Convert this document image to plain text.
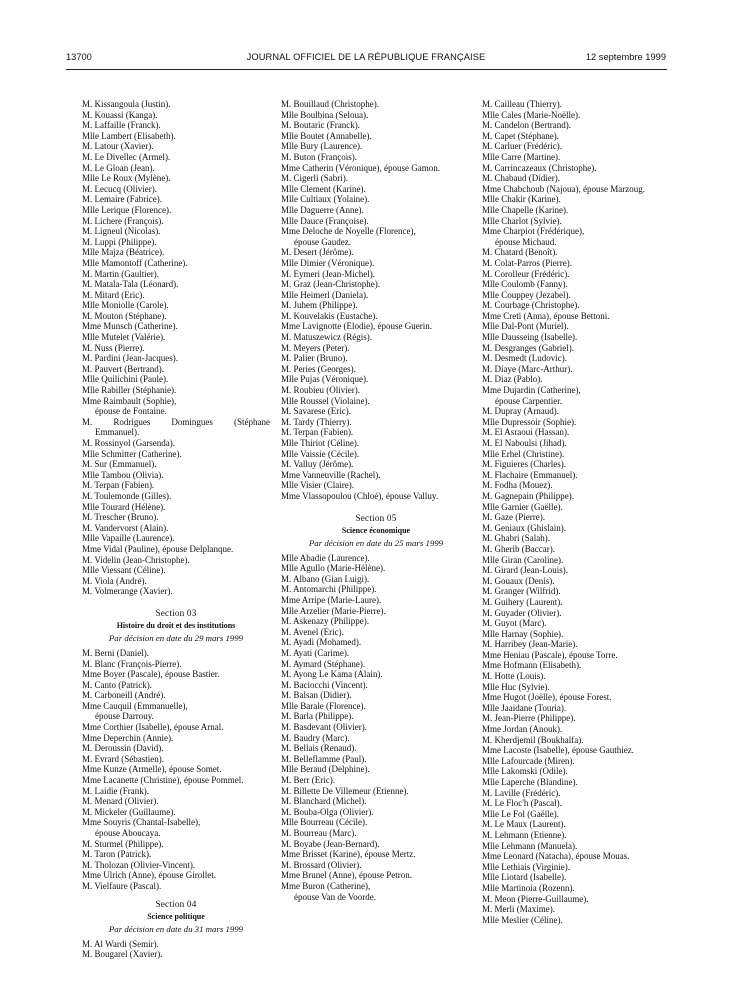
13700	JOURNAL OFFICIEL DE LA RÉPUBLIQUE FRANÇAISE	12 septembre 1999
M. Kissangoula (Justin).
M. Kouassi (Kanga).
M. Laffaille (Franck).
Mlle Lambert (Elisabeth).
M. Latour (Xavier).
M. Le Divellec (Armel).
M. Le Gloan (Jean).
Mlle Le Roux (Mylène).
M. Lecucq (Olivier).
M. Lemaire (Fabrice).
Mlle Lerique (Florence).
M. Lichere (François).
M. Ligneul (Nicolas).
M. Luppi (Philippe).
Mlle Majza (Béatrice).
Mlle Mamontoff (Catherine).
M. Martin (Gaultier).
M. Matala-Tala (Léonard).
M. Mitard (Eric).
Mlle Moniolle (Carole).
M. Mouton (Stéphane).
Mme Munsch (Catherine).
Mlle Mutelet (Valérie).
M. Nuss (Pierre).
M. Pardini (Jean-Jacques).
M. Pauvert (Bertrand).
Mlle Quilichini (Paule).
Mlle Rabiller (Stéphanie).
Mme Raimbault (Sophie),
épouse de Fontaine.
M. Rodrigues Domingues (Stéphane
Emmanuel).
M. Rossinyol (Garsenda).
Mlle Schmitter (Catherine).
M. Sur (Emmanuel).
Mlle Tambou (Olivia).
M. Terpan (Fabien).
M. Toulemonde (Gilles).
Mlle Tourard (Hélène).
M. Trescher (Bruno).
M. Vandervorst (Alain).
Mlle Vapaille (Laurence).
Mme Vidal (Pauline), épouse Delplanque.
M. Videlin (Jean-Christophe).
Mlle Viessant (Céline).
M. Viola (André).
M. Volmerange (Xavier).
Section 03
Histoire du droit et des institutions
Par décision en date du 29 mars 1999
M. Berni (Daniel).
M. Blanc (François-Pierre).
Mme Boyer (Pascale), épouse Bastier.
M. Canto (Patrick).
M. Carboneill (André).
Mme Cauquil (Emmanuelle),
épouse Darrouy.
Mme Corthier (Isabelle), épouse Arnal.
Mme Deperchin (Annie).
M. Deroussin (David).
M. Evrard (Sébastien).
Mme Kunze (Armelle), épouse Somet.
Mme Lacanette (Christine), épouse Pommel.
M. Laidie (Frank).
M. Menard (Olivier).
M. Mickeler (Guillaume).
Mme Souyris (Chantal-Isabelle),
épouse Aboucaya.
M. Sturmel (Philippe).
M. Taron (Patrick).
M. Tholozan (Olivier-Vincent).
Mme Ulrich (Anne), épouse Girollet.
M. Vielfaure (Pascal).
Section 04
Science politique
Par décision en date du 31 mars 1999
M. Al Wardi (Semir).
M. Bougarel (Xavier).
M. Bouillaud (Christophe).
Mlle Boulbina (Seloua).
M. Boutaric (Franck).
Mlle Boutet (Annabelle).
Mlle Bury (Laurence).
M. Buton (François).
Mme Catherin (Véronique), épouse Gamon.
M. Cigerli (Sabri).
Mlle Clement (Karine).
Mlle Cultiaux (Yolaine).
Mlle Daguerre (Anne).
Mlle Dauce (Françoise).
Mme Deloche de Noyelle (Florence),
épouse Gaudez.
M. Desert (Jérôme).
Mlle Dimier (Véronique).
M. Eymeri (Jean-Michel).
M. Graz (Jean-Christophe).
Mlle Heimerl (Daniela).
M. Juhem (Philippe).
M. Kouvelakis (Eustache).
Mme Lavignotte (Elodie), épouse Guerin.
M. Matuszewicz (Régis).
M. Meyers (Peter).
M. Palier (Bruno).
M. Peries (Georges).
Mlle Pujas (Véronique).
M. Roubieu (Olivier).
Mlle Roussel (Violaine).
M. Savarese (Eric).
M. Tardy (Thierry).
M. Terpan (Fabien).
Mlle Thiriot (Céline).
Mlle Vaissie (Cécile).
M. Valluy (Jérôme).
Mme Vanneuville (Rachel).
Mlle Visier (Claire).
Mme Vlassopoulou (Chloé), épouse Valluy.
Section 05
Science économique
Par décision en date du 25 mars 1999
Mlle Abadie (Laurence).
Mlle Agullo (Marie-Hélène).
M. Albano (Gian Luigi).
M. Antomarchi (Philippe).
Mme Arripe (Marie-Laure).
Mlle Arzelier (Marie-Pierre).
M. Askenazy (Philippe).
M. Avenel (Eric).
M. Ayadi (Mohamed).
M. Ayati (Carime).
M. Aymard (Stéphane).
M. Ayong Le Kama (Alain).
M. Baciocchi (Vincent).
M. Balsan (Didier).
Mlle Barale (Florence).
M. Barla (Philippe).
M. Basdevant (Olivier).
M. Baudry (Marc).
M. Bellais (Renaud).
M. Belleflamme (Paul).
Mlle Beraud (Delphine).
M. Berr (Eric).
M. Billette De Villemeur (Etienne).
M. Blanchard (Michel).
M. Bouba-Olga (Olivier).
Mlle Bourreau (Cécile).
M. Bourreau (Marc).
M. Boyabe (Jean-Bernard).
Mme Brisset (Karine), épouse Mertz.
M. Brossard (Olivier).
Mme Brunel (Anne), épouse Petron.
Mme Buron (Catherine),
épouse Van de Voorde.
M. Cailleau (Thierry).
Mlle Cales (Marie-Noëlle).
M. Candelon (Bertrand).
M. Capet (Stéphane).
M. Carluer (Frédéric).
Mlle Carre (Martine).
M. Carrincazeaux (Christophe).
M. Chabaud (Didier).
Mme Chabchoub (Najoua), épouse Marzoug.
Mlle Chakir (Karine).
Mlle Chapelle (Karine).
Mlle Charlot (Sylvie).
Mme Charpiot (Frédérique),
épouse Michaud.
M. Chatard (Benoît).
M. Colat-Parros (Pierre).
M. Corolleur (Frédéric).
Mlle Coulomb (Fanny).
Mlle Couppey (Jezabel).
M. Courbage (Christophe).
Mme Creti (Anna), épouse Bettoni.
Mlle Dal-Pont (Muriel).
Mlle Dausseing (Isabelle).
M. Desgranges (Gabriel).
M. Desmedt (Ludovic).
M. Diaye (Marc-Arthur).
M. Diaz (Pablo).
Mme Dujardin (Catherine),
épouse Carpentier.
M. Dupray (Arnaud).
Mlle Dupressoir (Sophie).
M. El Asraoui (Hassan).
M. El Naboulsi (Jihad).
Mlle Erhel (Christine).
M. Figuieres (Charles).
M. Flachaire (Emmanuel).
M. Fodha (Mouez).
M. Gagnepain (Philippe).
Mlle Garnier (Gaëlle).
M. Gaze (Pierre).
M. Geniaux (Ghislain).
M. Ghabri (Salah).
M. Gherib (Baccar).
Mlle Giran (Caroline).
M. Girard (Jean-Louis).
M. Gouaux (Denis).
M. Granger (Wilfrid).
M. Guihery (Laurent).
M. Guyader (Olivier).
M. Guyot (Marc).
Mlle Harnay (Sophie).
M. Harribey (Jean-Marie).
Mme Heniau (Pascale), épouse Torre.
Mme Hofmann (Elisabeth).
M. Hotte (Louis).
Mlle Huc (Sylvie).
Mme Hugot (Joëlle), épouse Forest.
Mlle Jaaidane (Touria).
M. Jean-Pierre (Philippe).
Mme Jordan (Anouk).
M. Kherdjemil (Boukhalfa).
Mme Lacoste (Isabelle), épouse Gauthiez.
Mlle Lafourcade (Miren).
Mlle Lakomski (Odile).
Mlle Laperche (Blandine).
M. Laville (Frédéric).
M. Le Floc'h (Pascal).
Mlle Le Fol (Gaëlle).
M. Le Maux (Laurent).
M. Lehmann (Etienne).
Mlle Lehmann (Manuela).
Mme Leonard (Natacha), épouse Mouas.
Mlle Lethiais (Virginie).
Mlle Liotard (Isabelle).
Mlle Martinoia (Rozenn).
M. Meon (Pierre-Guillaume).
M. Merli (Maxime).
Mlle Meslier (Céline).
